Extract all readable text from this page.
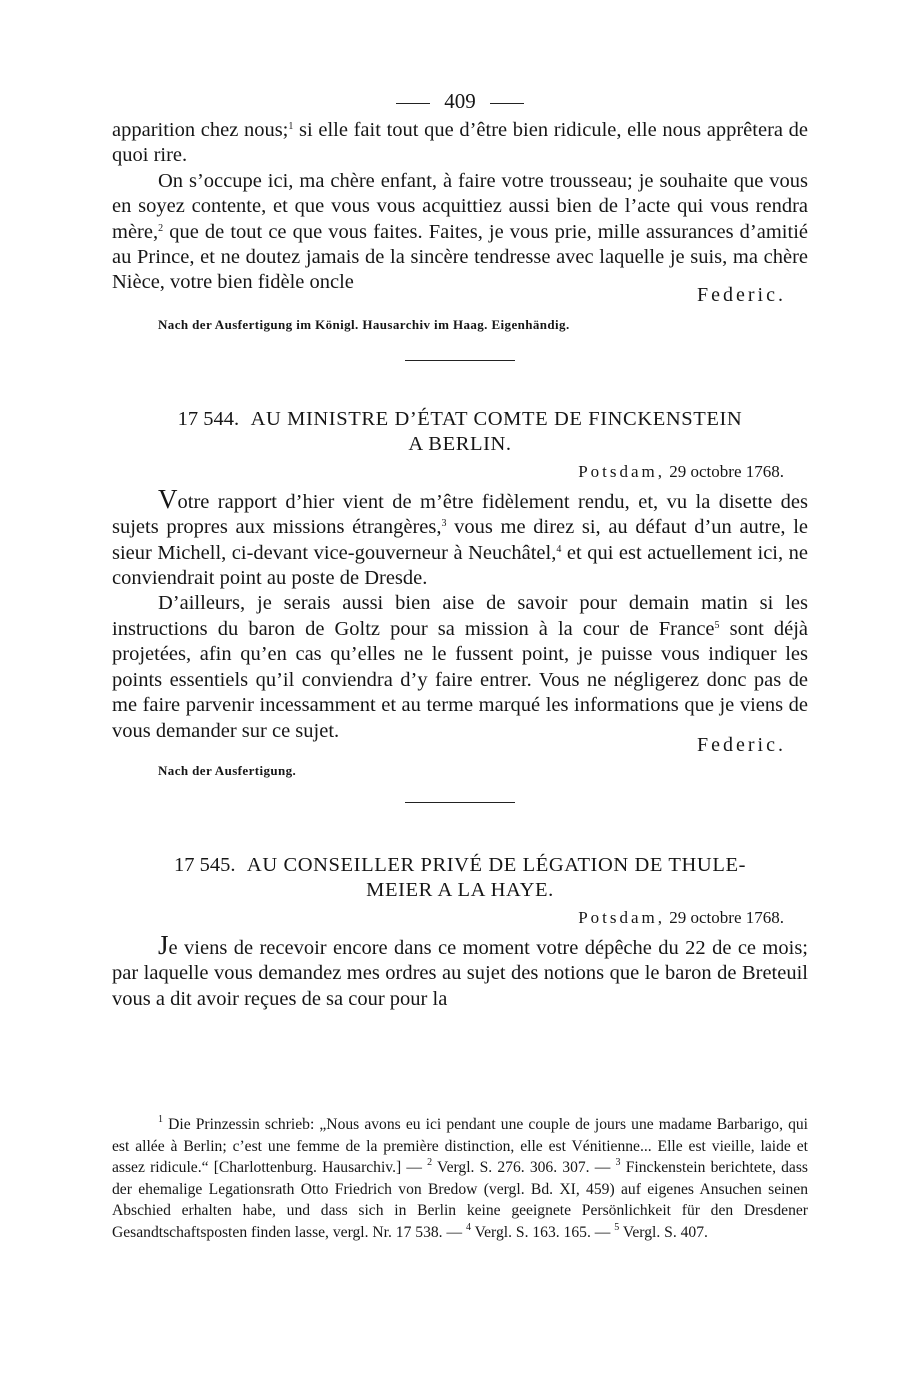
409

apparition chez nous;$^1$ si elle fait tout que d’être bien ridicule, elle nous apprêtera de quoi rire.

On s’occupe ici, ma chère enfant, à faire votre trousseau; je souhaite que vous en soyez contente, et que vous vous acquittiez aussi bien de l’acte qui vous rendra mère,$^2$ que de tout ce que vous faites. Faites, je vous prie, mille assurances d’amitié au Prince, et ne doutez jamais de la sincère tendresse avec laquelle je suis, ma chère Nièce, votre bien fidèle oncle

Federic.
Nach der Ausfertigung im Königl. Hausarchiv im Haag. Eigenhändig.
17 544. AU MINISTRE D’ÉTAT COMTE DE FINCKENSTEIN
A BERLIN.
Potsdam, 29 octobre 1768.

Votre rapport d’hier vient de m’être fidèlement rendu, et, vu la disette des sujets propres aux missions étrangères,$^3$ vous me direz si, au défaut d’un autre, le sieur Michell, ci-devant vice-gouverneur à Neuchâtel,$^4$ et qui est actuellement ici, ne conviendrait point au poste de Dresde.

D’ailleurs, je serais aussi bien aise de savoir pour demain matin si les instructions du baron de Goltz pour sa mission à la cour de France$^5$ sont déjà projetées, afin qu’en cas qu’elles ne le fussent point, je puisse vous indiquer les points essentiels qu’il conviendra d’y faire entrer. Vous ne négligerez donc pas de me faire parvenir incessamment et au terme marqué les informations que je viens de vous demander sur ce sujet.

Federic.
Nach der Ausfertigung.
17 545. AU CONSEILLER PRIVÉ DE LÉGATION DE THULE-
MEIER A LA HAYE.
Potsdam, 29 octobre 1768.

Je viens de recevoir encore dans ce moment votre dépêche du 22 de ce mois; par laquelle vous demandez mes ordres au sujet des notions que le baron de Breteuil vous a dit avoir reçues de sa cour pour la

$^1$ Die Prinzessin schrieb: „Nous avons eu ici pendant une couple de jours une madame Barbarigo, qui est allée à Berlin; c’est une femme de la première distinction, elle est Vénitienne... Elle est vieille, laide et assez ridicule.“ [Charlottenburg. Hausarchiv.] — $^2$ Vergl. S. 276. 306. 307. — $^3$ Finckenstein berichtete, dass der ehemalige Legationsrath Otto Friedrich von Bredow (vergl. Bd. XI, 459) auf eigenes Ansuchen seinen Abschied erhalten habe, und dass sich in Berlin keine geeignete Persönlichkeit für den Dresdener Gesandtschaftsposten finden lasse, vergl. Nr. 17 538. — $^4$ Vergl. S. 163. 165. — $^5$ Vergl. S. 407.
